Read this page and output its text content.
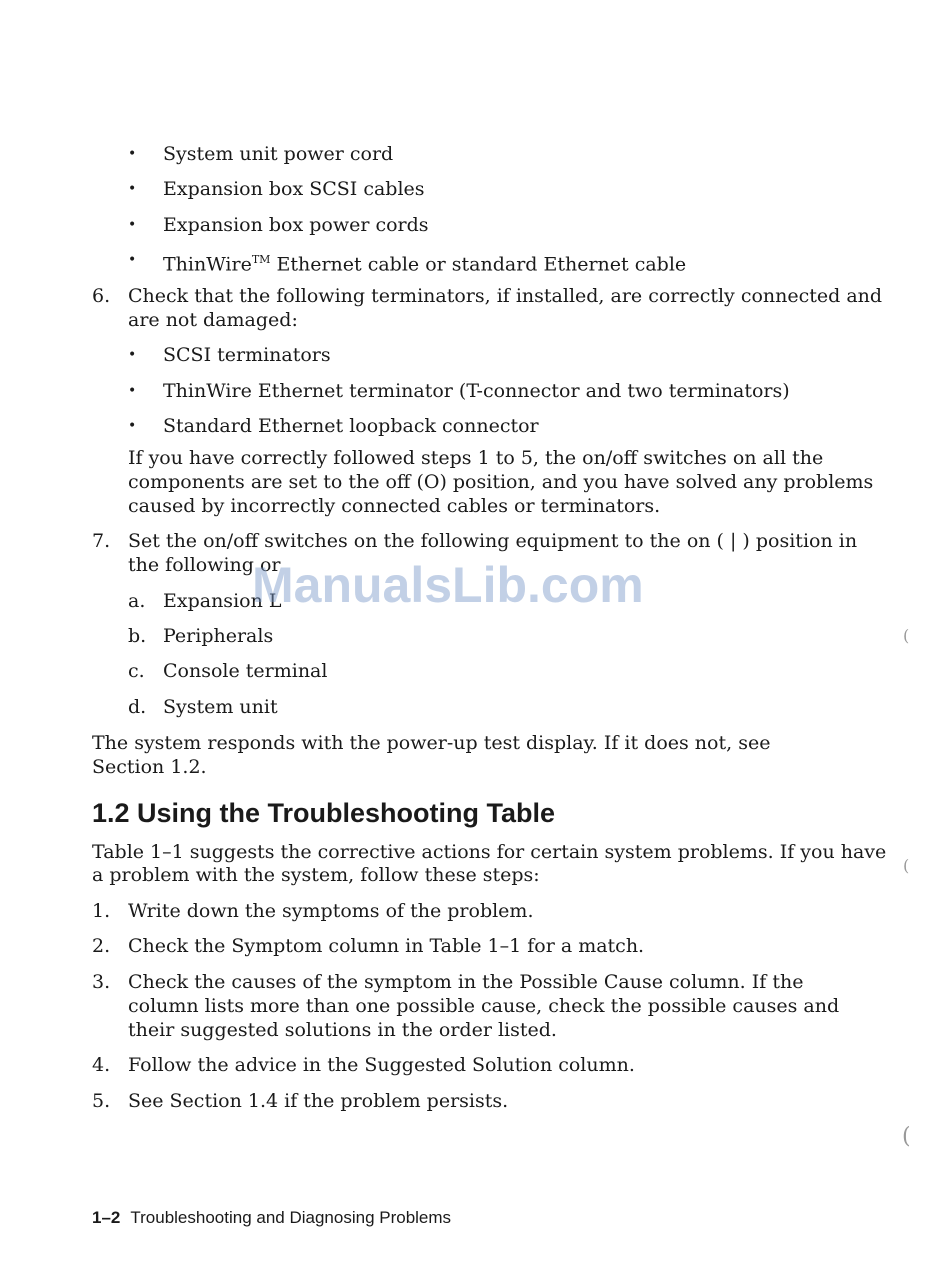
• System unit power cord
• Expansion box SCSI cables
• Expansion box power cords
• ThinWire™ Ethernet cable or standard Ethernet cable
6. Check that the following terminators, if installed, are correctly connected and
are not damaged:
• SCSI terminators
• ThinWire Ethernet terminator (T-connector and two terminators)
• Standard Ethernet loopback connector
If you have correctly followed steps 1 to 5, the on/off switches on all the
components are set to the off (O) position, and you have solved any problems
caused by incorrectly connected cables or terminators.
7. Set the on/off switches on the following equipment to the on ( | ) position in
the following or
a. Expansion L
b. Peripherals
c. Console terminal
d. System unit
The system responds with the power-up test display. If it does not, see
Section 1.2.
1.2 Using the Troubleshooting Table
Table 1–1 suggests the corrective actions for certain system problems. If you have
a problem with the system, follow these steps:
1. Write down the symptoms of the problem.
2. Check the Symptom column in Table 1–1 for a match.
3. Check the causes of the symptom in the Possible Cause column. If the
column lists more than one possible cause, check the possible causes and
their suggested solutions in the order listed.
4. Follow the advice in the Suggested Solution column.
5. See Section 1.4 if the problem persists.
1–2 Troubleshooting and Diagnosing Problems
ManualsLib.com
(
(
(
